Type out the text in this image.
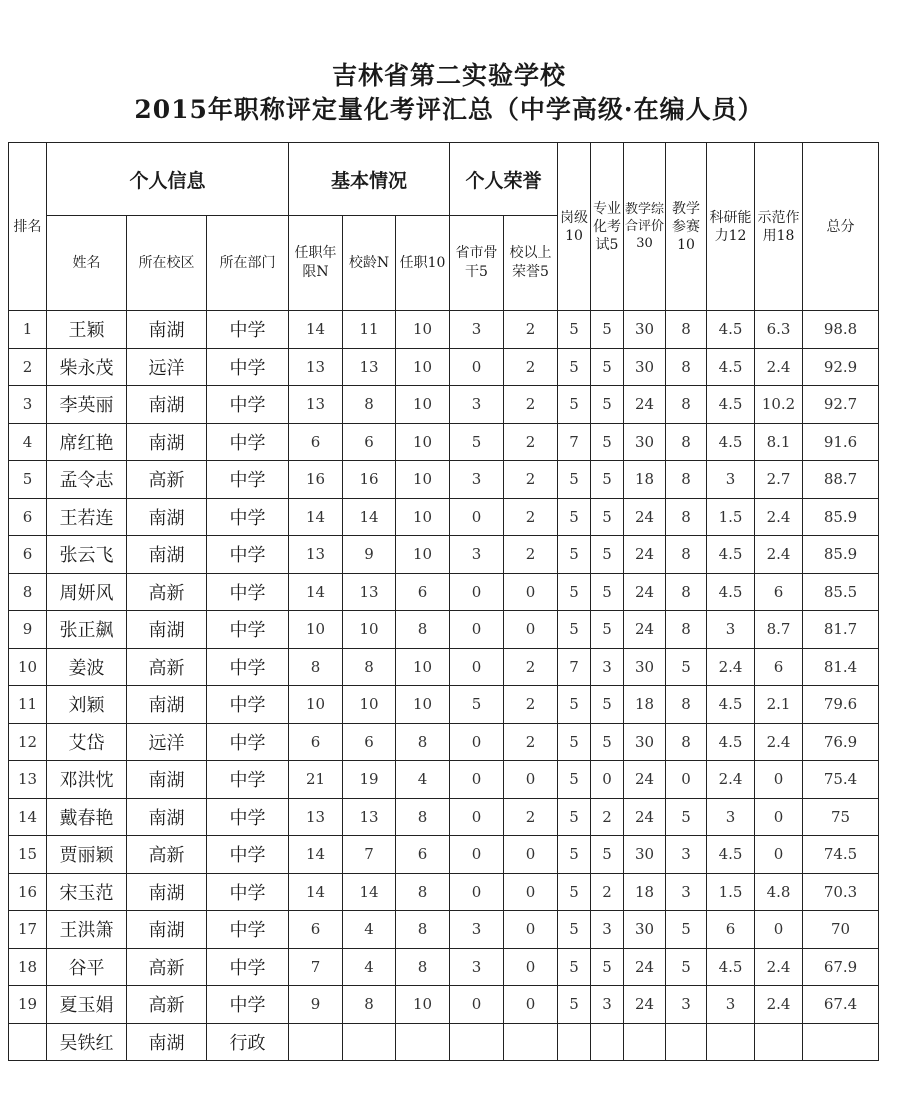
吉林省第二实验学校
2015年职称评定量化考评汇总（中学高级·在编人员）
排名	个人信息			基本情况			个人荣誉		岗级10	专业化考试5	教学综合评价30	教学参赛10	科研能力12	示范作用18	总分
	姓名	所在校区	所在部门	任职年限N	校龄N	任职10	省市骨干5	校以上荣誉5							
1	王颖	南湖	中学	14	11	10	3	2	5	5	30	8	4.5	6.3	98.8
2	柴永茂	远洋	中学	13	13	10	0	2	5	5	30	8	4.5	2.4	92.9
3	李英丽	南湖	中学	13	8	10	3	2	5	5	24	8	4.5	10.2	92.7
4	席红艳	南湖	中学	6	6	10	5	2	7	5	30	8	4.5	8.1	91.6
5	孟令志	高新	中学	16	16	10	3	2	5	5	18	8	3	2.7	88.7
6	王若连	南湖	中学	14	14	10	0	2	5	5	24	8	1.5	2.4	85.9
6	张云飞	南湖	中学	13	9	10	3	2	5	5	24	8	4.5	2.4	85.9
8	周妍风	高新	中学	14	13	6	0	0	5	5	24	8	4.5	6	85.5
9	张正飙	南湖	中学	10	10	8	0	0	5	5	24	8	3	8.7	81.7
10	姜波	高新	中学	8	8	10	0	2	7	3	30	5	2.4	6	81.4
11	刘颖	南湖	中学	10	10	10	5	2	5	5	18	8	4.5	2.1	79.6
12	艾岱	远洋	中学	6	6	8	0	2	5	5	30	8	4.5	2.4	76.9
13	邓洪忱	南湖	中学	21	19	4	0	0	5	0	24	0	2.4	0	75.4
14	戴春艳	南湖	中学	13	13	8	0	2	5	2	24	5	3	0	75
15	贾丽颖	高新	中学	14	7	6	0	0	5	5	30	3	4.5	0	74.5
16	宋玉范	南湖	中学	14	14	8	0	0	5	2	18	3	1.5	4.8	70.3
17	王洪箫	南湖	中学	6	4	8	3	0	5	3	30	5	6	0	70
18	谷平	高新	中学	7	4	8	3	0	5	5	24	5	4.5	2.4	67.9
19	夏玉娟	高新	中学	9	8	10	0	0	5	3	24	3	3	2.4	67.4
	吴铁红	南湖	行政												
